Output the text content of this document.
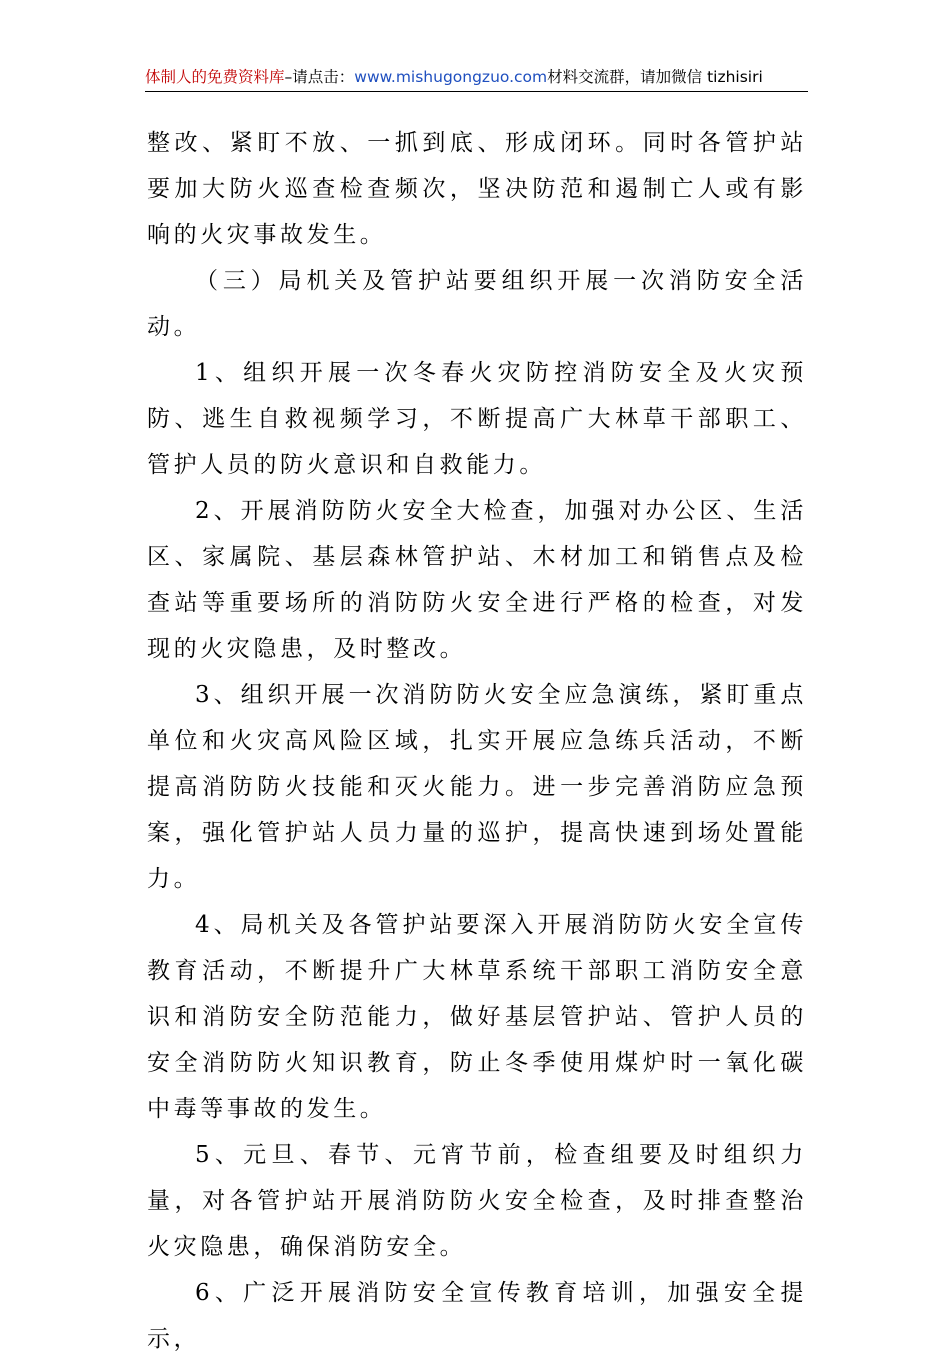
体制人的免费资料库–请点击：www.mishugongzuo.com材料交流群，请加微信 tizhisiri

整改、紧盯不放、一抓到底、形成闭环。同时各管护站要加大防火巡查检查频次，坚决防范和遏制亡人或有影响的火灾事故发生。

（三）局机关及管护站要组织开展一次消防安全活动。

1、组织开展一次冬春火灾防控消防安全及火灾预防、逃生自救视频学习，不断提高广大林草干部职工、管护人员的防火意识和自救能力。

2、开展消防防火安全大检查，加强对办公区、生活区、家属院、基层森林管护站、木材加工和销售点及检查站等重要场所的消防防火安全进行严格的检查，对发现的火灾隐患，及时整改。

3、组织开展一次消防防火安全应急演练，紧盯重点单位和火灾高风险区域，扎实开展应急练兵活动，不断提高消防防火技能和灭火能力。进一步完善消防应急预案，强化管护站人员力量的巡护，提高快速到场处置能力。

4、局机关及各管护站要深入开展消防防火安全宣传教育活动，不断提升广大林草系统干部职工消防安全意识和消防安全防范能力，做好基层管护站、管护人员的安全消防防火知识教育，防止冬季使用煤炉时一氧化碳中毒等事故的发生。

5、元旦、春节、元宵节前，检查组要及时组织力量，对各管护站开展消防防火安全检查，及时排查整治火灾隐患，确保消防安全。

6、广泛开展消防安全宣传教育培训，加强安全提示，
